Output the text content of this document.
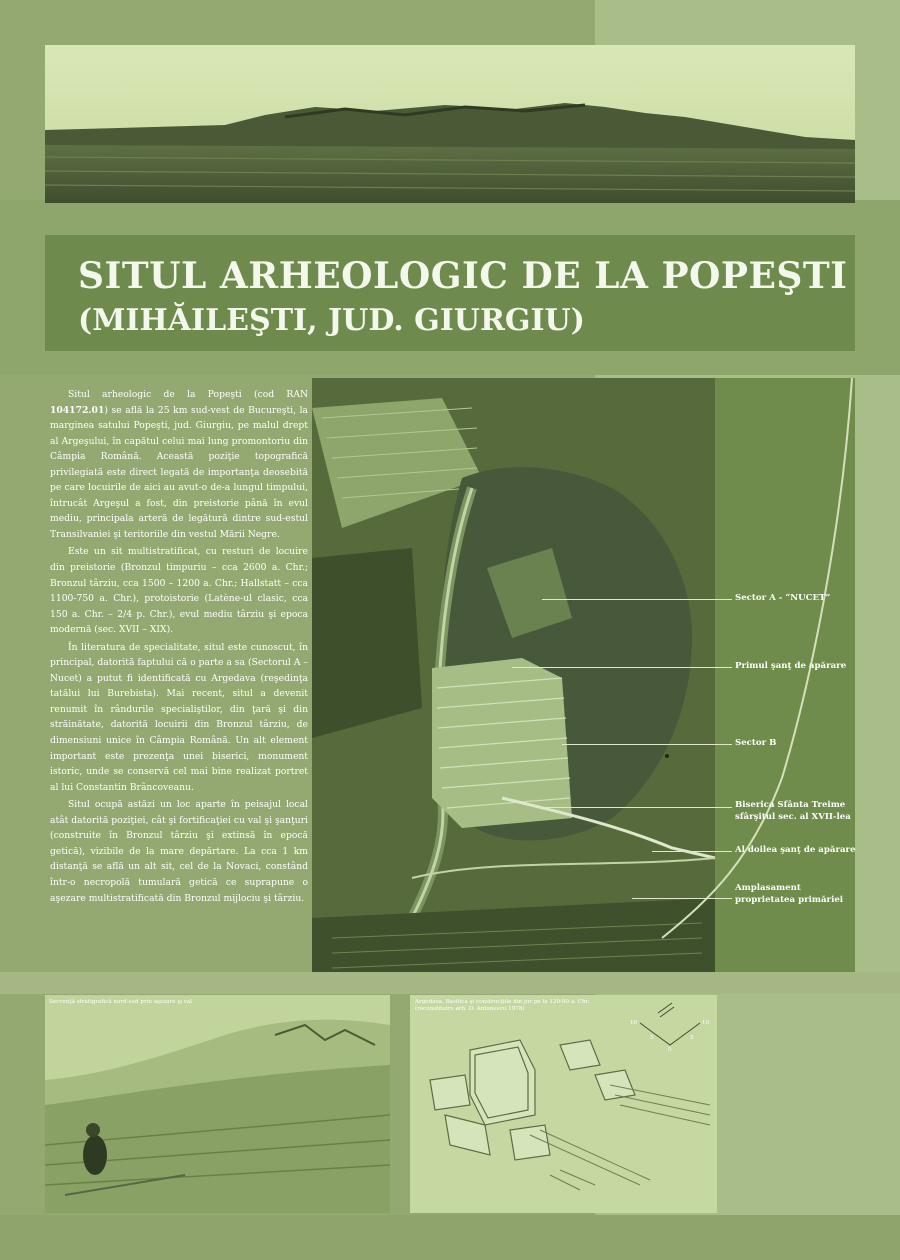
SITUL ARHEOLOGIC DE LA POPEŞTI
(MIHĂILEŞTI, JUD. GIURGIU)

Situl arheologic de la Popeşti (cod RAN 104172.01) se află la 25 km sud-vest de Bucureşti, la marginea satului Popeşti, jud. Giurgiu, pe malul drept al Argeşului, în capătul celui mai lung promontoriu din Câmpia Română. Această poziţie topografică privilegiată este direct legată de importanţa deosebită pe care locuirile de aici au avut-o de-a lungul timpului, întrucât Argeşul a fost, din preistorie până în evul mediu, principala arteră de legătură dintre sud-estul Transilvaniei şi teritoriile din vestul Mării Negre.

Este un sit multistratificat, cu resturi de locuire din preistorie (Bronzul timpuriu – cca 2600 a. Chr.; Bronzul târziu, cca 1500 – 1200 a. Chr.; Hallstatt – cca 1100-750 a. Chr.), protoistorie (Latène-ul clasic, cca 150 a. Chr. – 2/4 p. Chr.), evul mediu târziu şi epoca modernă (sec. XVII – XIX).

În literatura de specialitate, situl este cunoscut, în principal, datorită faptului că o parte a sa (Sectorul A – Nucet) a putut fi identificată cu Argedava (reşedinţa tatălui lui Burebista). Mai recent, situl a devenit renumit în rândurile specialiştilor, din ţară şi din străinătate, datorită locuirii din Bronzul târziu, de dimensiuni unice în Câmpia Română. Un alt element important este prezenţa unei biserici, monument istoric, unde se conservă cel mai bine realizat portret al lui Constantin Brâncoveanu.

Situl ocupă astăzi un loc aparte în peisajul local atât datorită poziţiei, cât şi fortificaţiei cu val şi şanţuri (construite în Bronzul târziu şi extinsă în epocă getică), vizibile de la mare depărtare. La cca 1 km distanţă se află un alt sit, cel de la Novaci, constând într-o necropolă tumulară getică ce suprapune o aşezare multistratificată din Bronzul mijlociu şi târziu.

Sector A - “NUCET”
Primul şanţ de apărare
Sector B
Biserica Sfânta Treime
sfârşitul sec. al XVII-lea
Al doilea şanţ de apărare
Amplasament
proprietatea primăriei
Secvenţă stratigrafică nord-sud prin aşezare şi val	Argedava. Basilica şi construcţiile din jur pe la 120-90 a. Chr.
(reconstituire arh. D. Antonescu 1978)
10
5
0
5
10
